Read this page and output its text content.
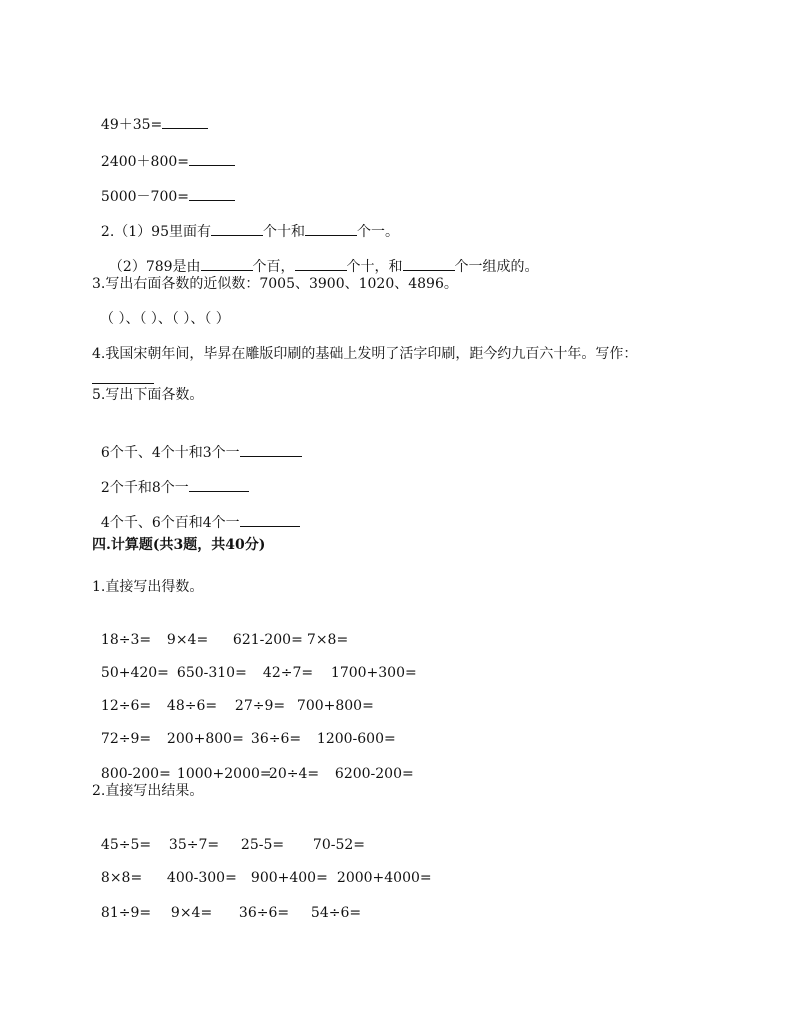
49＋35=

2400＋800=

5000－700=

2.（1）95里面有	个十和	个一。

（2）789是由	个百，	个十，和	个一组成的。

3.写出右面各数的近似数：7005、3900、1020、4896。
（ ）、（ ）、（ ）、（ ）
4.我国宋朝年间，毕昇在雕版印刷的基础上发明了活字印刷，距今约九百六十年。写作：
5.写出下面各数。

6个千、4个十和3个一

2个千和8个一

4个千、6个百和4个一

四.计算题(共3题，共40分)
1.直接写出得数。

18÷3= 9×4= 621-200= 7×8=

50+420= 650-310= 42÷7= 1700+300=

12÷6= 48÷6= 27÷9= 700+800=

72÷9= 200+800= 36÷6= 1200-600=

800-200= 1000+2000=20÷4= 6200-200=

2.直接写出结果。

45÷5= 35÷7= 25-5= 70-52=

8×8= 400-300= 900+400= 2000+4000=

81÷9= 9×4= 36÷6= 54÷6=
